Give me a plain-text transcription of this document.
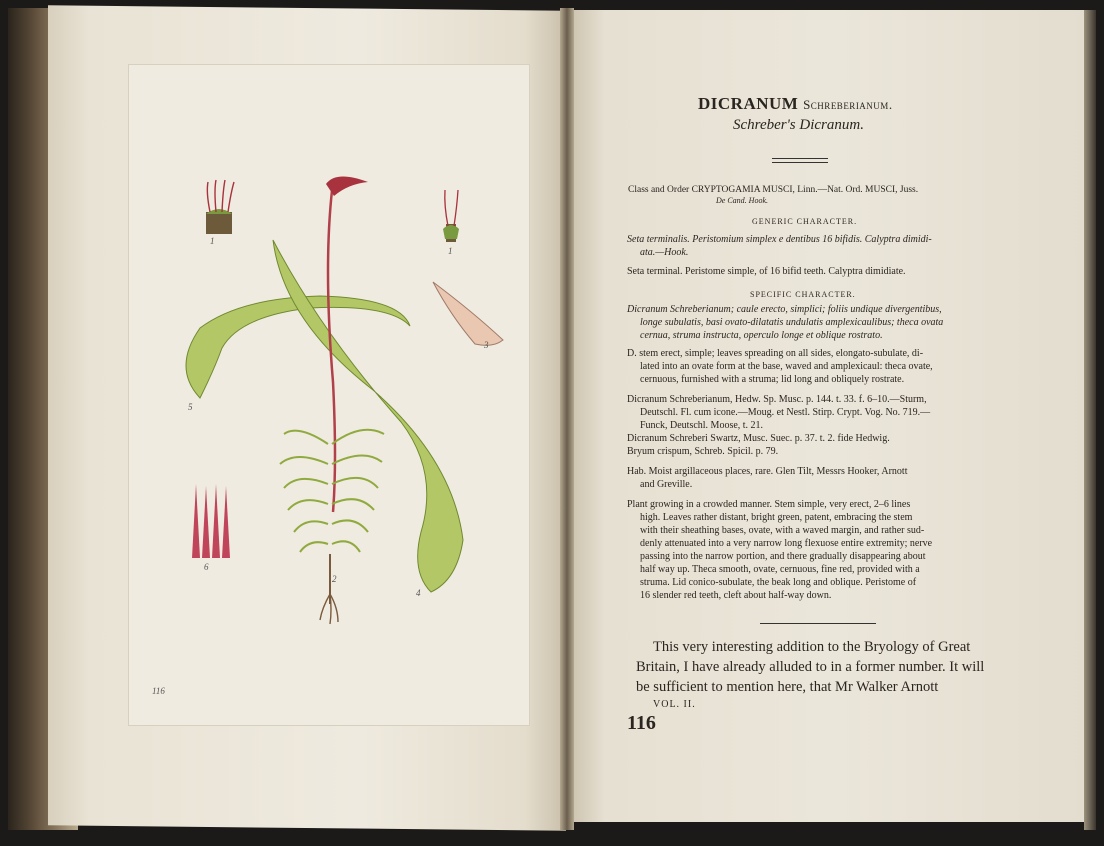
116
1
1
2
3
4
5
6
DICRANUM Schreberianum.
Schreber's Dicranum.
Class and Order CRYPTOGAMIA MUSCI, Linn.—Nat. Ord. MUSCI, Juss.
De Cand. Hook.
GENERIC CHARACTER.
Seta terminalis. Peristomium simplex e dentibus 16 bifidis. Calyptra dimidi-
ata.—Hook.
Seta terminal. Peristome simple, of 16 bifid teeth. Calyptra dimidiate.
SPECIFIC CHARACTER.
Dicranum Schreberianum; caule erecto, simplici; foliis undique divergentibus,
longe subulatis, basi ovato-dilatatis undulatis amplexicaulibus; theca ovata
cernua, struma instructa, operculo longe et oblique rostrato.
D. stem erect, simple; leaves spreading on all sides, elongato-subulate, di-
lated into an ovate form at the base, waved and amplexicaul: theca ovate,
cernuous, furnished with a struma; lid long and obliquely rostrate.
Dicranum Schreberianum, Hedw. Sp. Musc. p. 144. t. 33. f. 6–10.—Sturm,
Deutschl. Fl. cum icone.—Moug. et Nestl. Stirp. Crypt. Vog. No. 719.—
Funck, Deutschl. Moose, t. 21.
Dicranum Schreberi Swartz, Musc. Suec. p. 37. t. 2. fide Hedwig.
Bryum crispum, Schreb. Spicil. p. 79.
Hab. Moist argillaceous places, rare. Glen Tilt, Messrs Hooker, Arnott
and Greville.
Plant growing in a crowded manner. Stem simple, very erect, 2–6 lines
high. Leaves rather distant, bright green, patent, embracing the stem
with their sheathing bases, ovate, with a waved margin, and rather sud-
denly attenuated into a very narrow long flexuose entire extremity; nerve
passing into the narrow portion, and there gradually disappearing about
half way up. Theca smooth, ovate, cernuous, fine red, provided with a
struma. Lid conico-subulate, the beak long and oblique. Peristome of
16 slender red teeth, cleft about half-way down.
This very interesting addition to the Bryology of Great
Britain, I have already alluded to in a former number. It will
be sufficient to mention here, that Mr Walker Arnott
VOL. II.
116
